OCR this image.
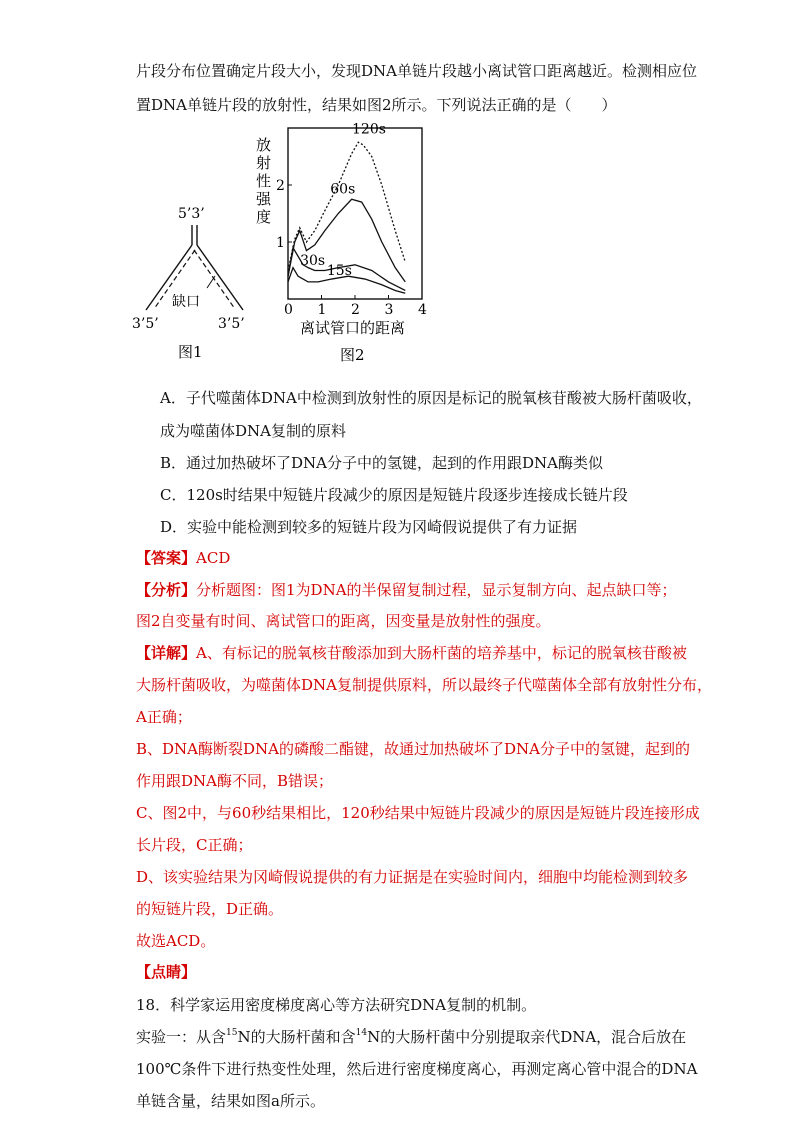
片段分布位置确定片段大小，发现DNA单链片段越小离试管口距离越近。检测相应位
置DNA单链片段的放射性，结果如图2所示。下列说法正确的是（　　）
5’3’
缺口
3’5’	3’5’
图1
放
射
性
强
度
0 1 2 3 4
1
2
120s
60s
30s
15s
离试管口的距离
图2
A．子代噬菌体DNA中检测到放射性的原因是标记的脱氧核苷酸被大肠杆菌吸收，
成为噬菌体DNA复制的原料
B．通过加热破坏了DNA分子中的氢键，起到的作用跟DNA酶类似
C．120s时结果中短链片段减少的原因是短链片段逐步连接成长链片段
D．实验中能检测到较多的短链片段为冈崎假说提供了有力证据
【答案】ACD
【分析】分析题图：图1为DNA的半保留复制过程，显示复制方向、起点缺口等；
图2自变量有时间、离试管口的距离，因变量是放射性的强度。
【详解】A、有标记的脱氧核苷酸添加到大肠杆菌的培养基中，标记的脱氧核苷酸被
大肠杆菌吸收，为噬菌体DNA复制提供原料，所以最终子代噬菌体全部有放射性分布，
A正确；
B、DNA酶断裂DNA的磷酸二酯键，故通过加热破坏了DNA分子中的氢键，起到的
作用跟DNA酶不同，B错误；
C、图2中，与60秒结果相比，120秒结果中短链片段减少的原因是短链片段连接形成
长片段，C正确；
D、该实验结果为冈崎假说提供的有力证据是在实验时间内，细胞中均能检测到较多
的短链片段，D正确。
故选ACD。
【点睛】
18．科学家运用密度梯度离心等方法研究DNA复制的机制。
实验一：从含$^{15}$N的大肠杆菌和含$^{14}$N的大肠杆菌中分别提取亲代DNA，混合后放在
100℃条件下进行热变性处理，然后进行密度梯度离心，再测定离心管中混合的DNA
单链含量，结果如图a所示。
